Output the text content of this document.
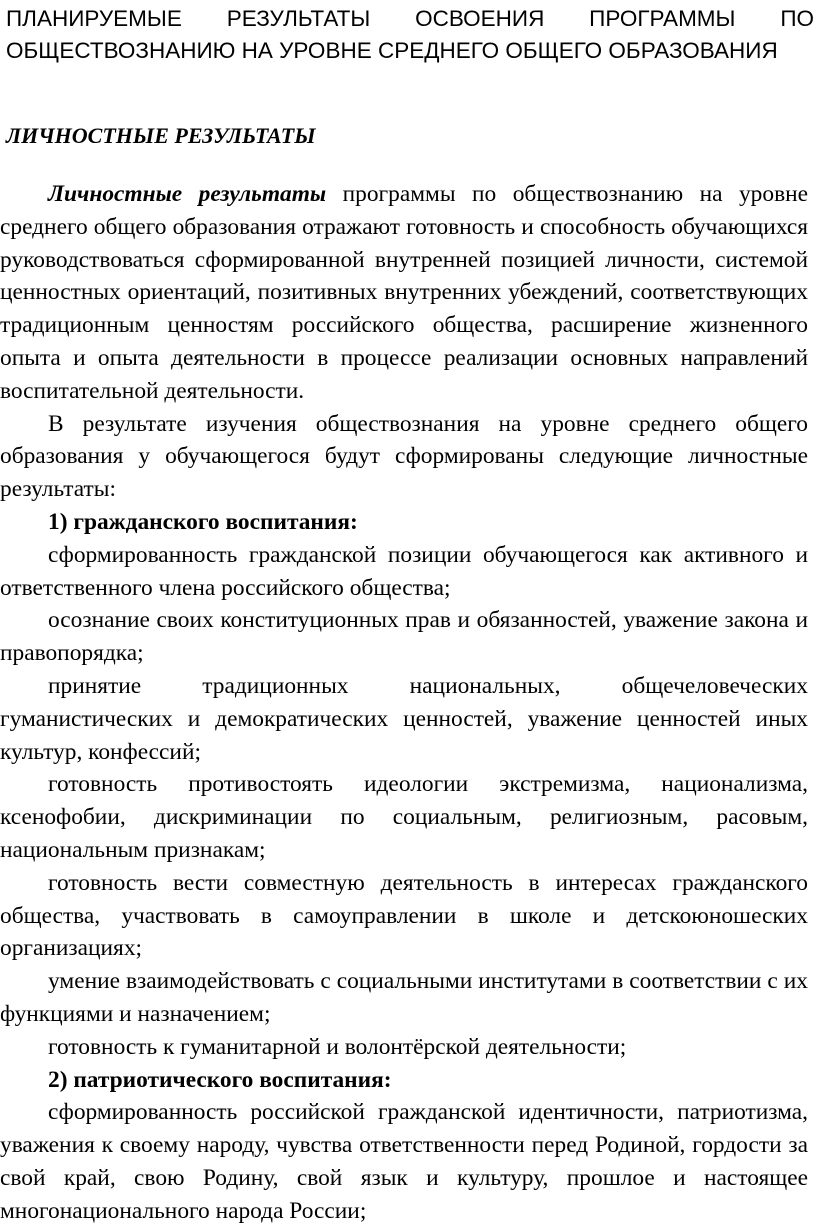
ПЛАНИРУЕМЫЕ РЕЗУЛЬТАТЫ ОСВОЕНИЯ ПРОГРАММЫ ПО ОБЩЕСТВОЗНАНИЮ НА УРОВНЕ СРЕДНЕГО ОБЩЕГО ОБРАЗОВАНИЯ

ЛИЧНОСТНЫЕ РЕЗУЛЬТАТЫ

Личностные результаты программы по обществознанию на уровне среднего общего образования отражают готовность и способность обучающихся руководствоваться сформированной внутренней позицией личности, системой ценностных ориентаций, позитивных внутренних убеждений, соответствующих традиционным ценностям российского общества, расширение жизненного опыта и опыта деятельности в процессе реализации основных направлений воспитательной деятельности.

В результате изучения обществознания на уровне среднего общего образования у обучающегося будут сформированы следующие личностные результаты:

1) гражданского воспитания:

сформированность гражданской позиции обучающегося как активного и ответственного члена российского общества;

осознание своих конституционных прав и обязанностей, уважение закона и правопорядка;

принятие традиционных национальных, общечеловеческих гуманистических и демократических ценностей, уважение ценностей иных культур, конфессий;

готовность противостоять идеологии экстремизма, национализма, ксенофобии, дискриминации по социальным, религиозным, расовым, национальным признакам;

готовность вести совместную деятельность в интересах гражданского общества, участвовать в самоуправлении в школе и детскоюношеских организациях;

умение взаимодействовать с социальными институтами в соответствии с их функциями и назначением;

готовность к гуманитарной и волонтёрской деятельности;

2) патриотического воспитания:

сформированность российской гражданской идентичности, патриотизма, уважения к своему народу, чувства ответственности перед Родиной, гордости за свой край, свою Родину, свой язык и культуру, прошлое и настоящее многонационального народа России;
